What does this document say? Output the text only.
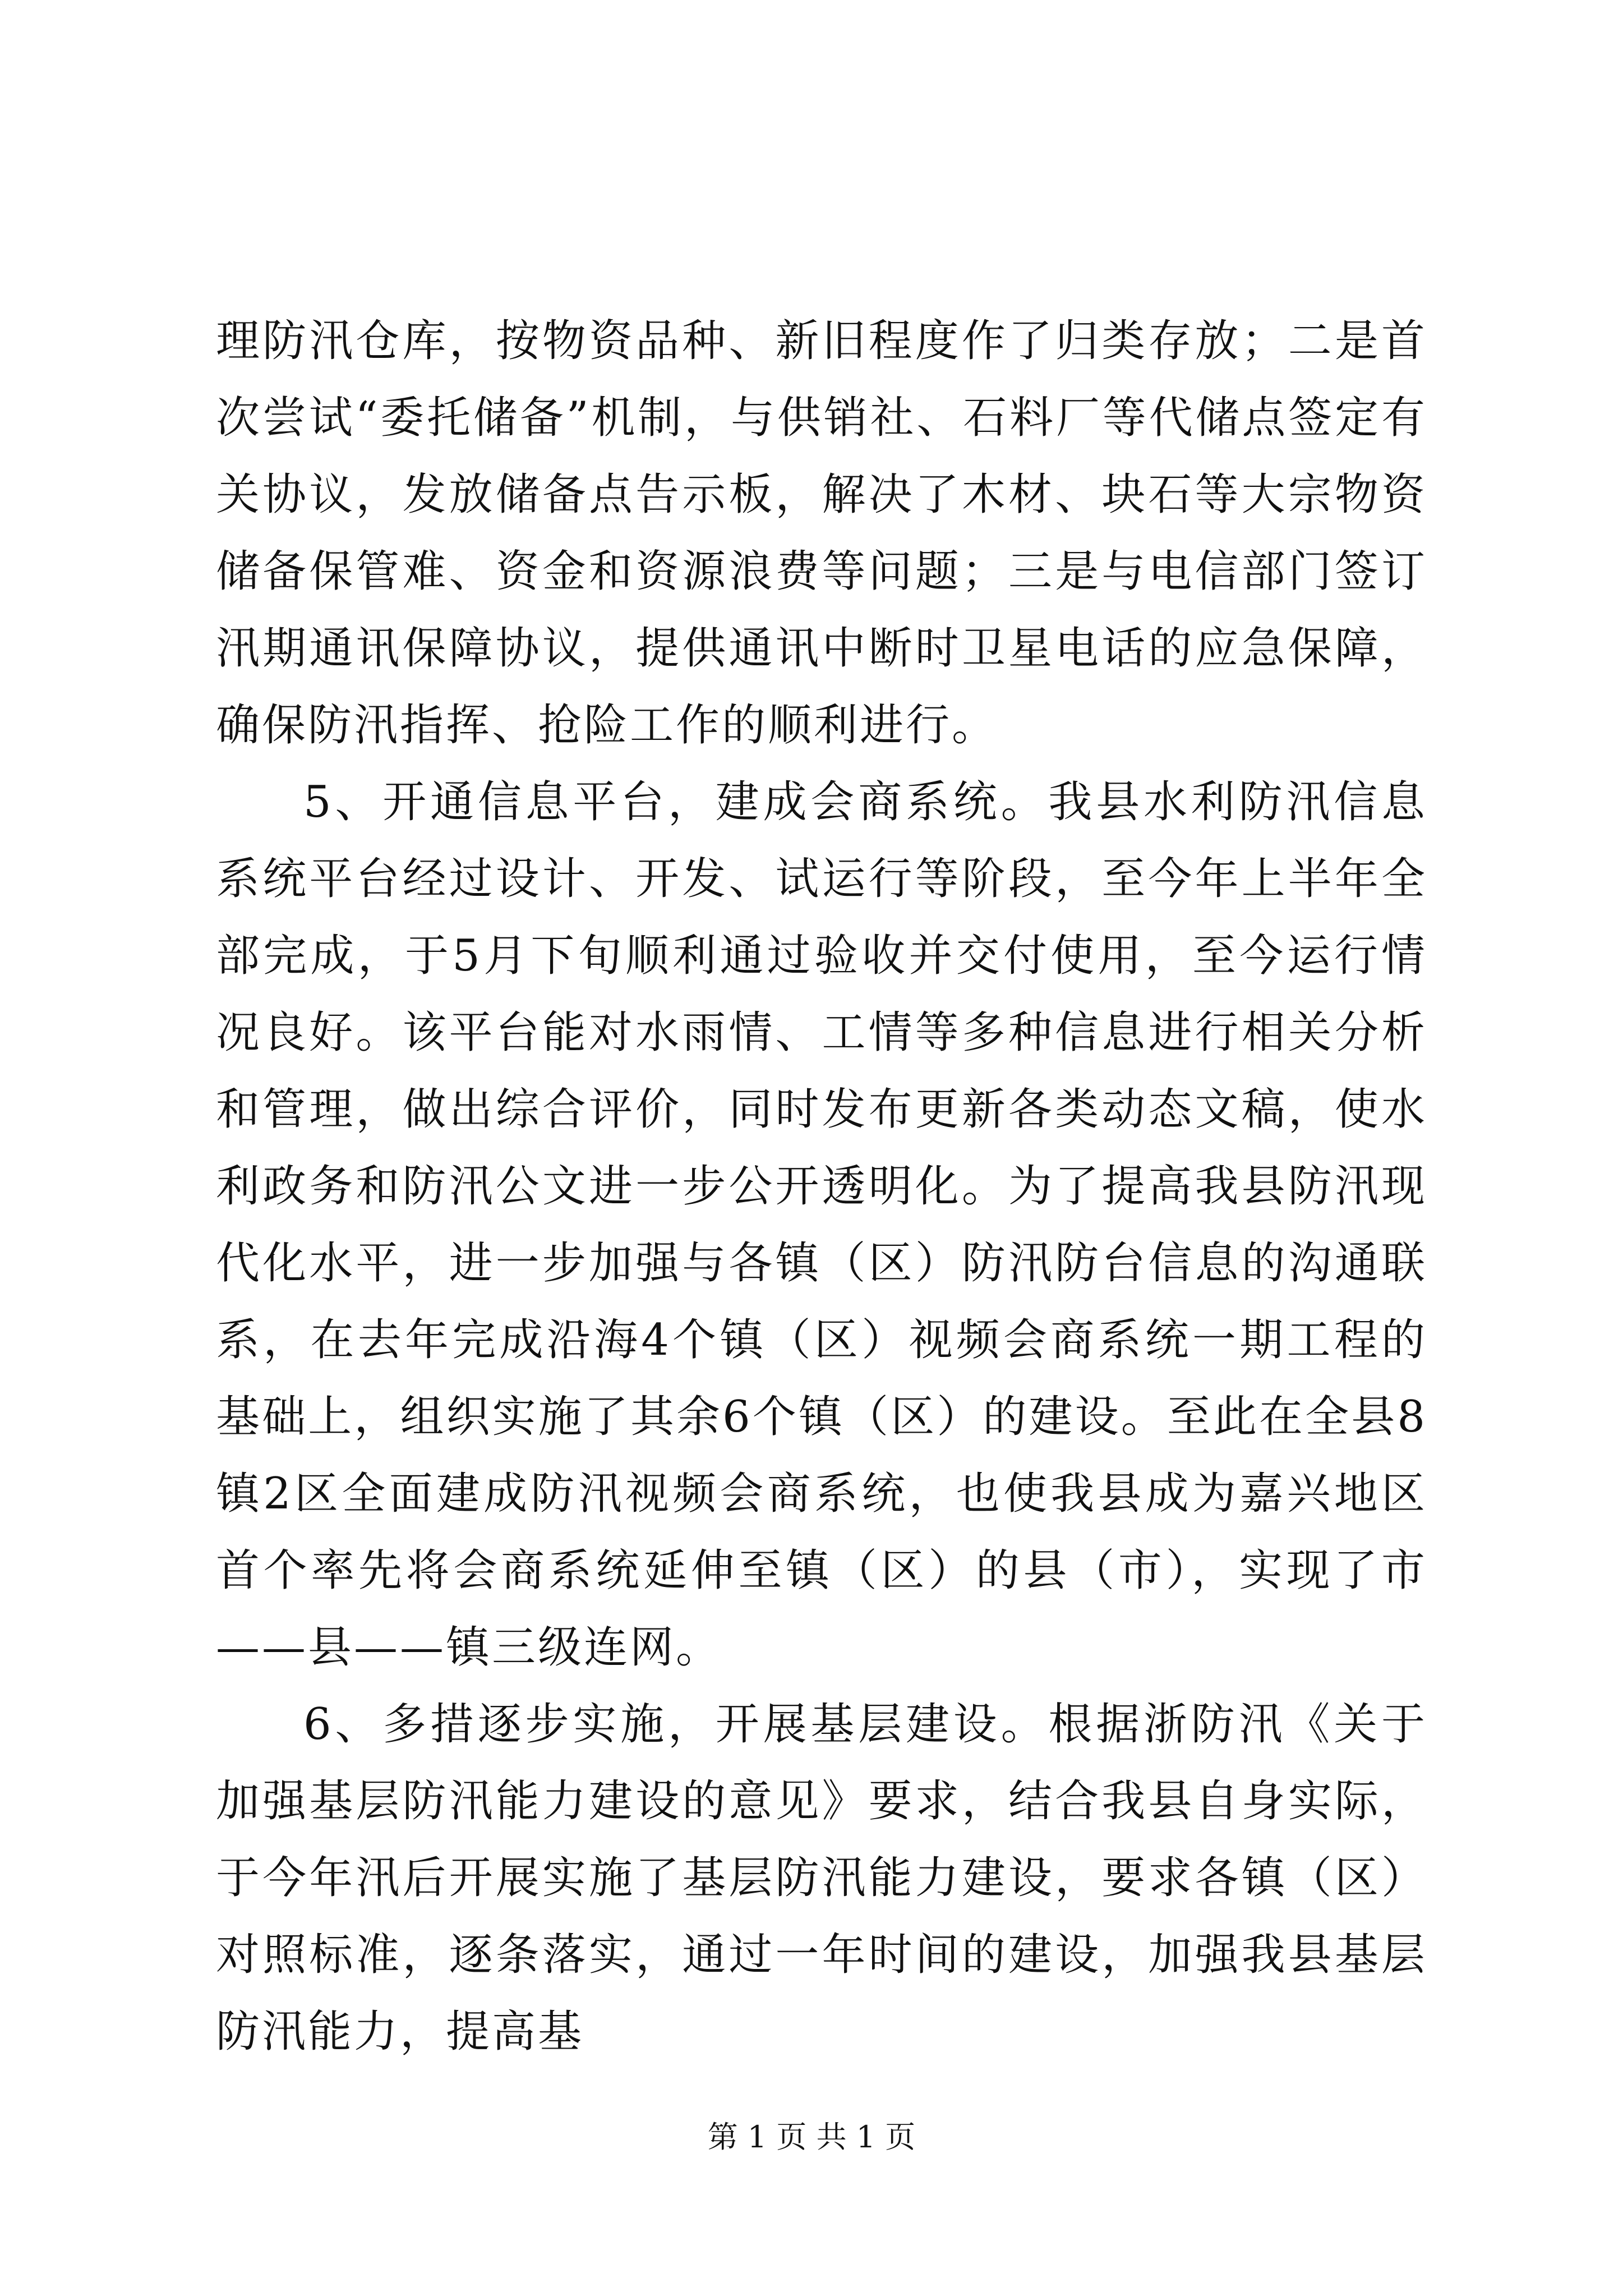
理防汛仓库，按物资品种、新旧程度作了归类存放；二是首次尝试“委托储备”机制，与供销社、石料厂等代储点签定有关协议，发放储备点告示板，解决了木材、块石等大宗物资储备保管难、资金和资源浪费等问题；三是与电信部门签订汛期通讯保障协议，提供通讯中断时卫星电话的应急保障，确保防汛指挥、抢险工作的顺利进行。

5、开通信息平台，建成会商系统。我县水利防汛信息系统平台经过设计、开发、试运行等阶段，至今年上半年全部完成，于5月下旬顺利通过验收并交付使用，至今运行情况良好。该平台能对水雨情、工情等多种信息进行相关分析和管理，做出综合评价，同时发布更新各类动态文稿，使水利政务和防汛公文进一步公开透明化。为了提高我县防汛现代化水平，进一步加强与各镇（区）防汛防台信息的沟通联系，在去年完成沿海4个镇（区）视频会商系统一期工程的基础上，组织实施了其余6个镇（区）的建设。至此在全县8镇2区全面建成防汛视频会商系统，也使我县成为嘉兴地区首个率先将会商系统延伸至镇（区）的县（市），实现了市——县——镇三级连网。

6、多措逐步实施，开展基层建设。根据浙防汛《关于加强基层防汛能力建设的意见》要求，结合我县自身实际，于今年汛后开展实施了基层防汛能力建设，要求各镇（区）对照标准，逐条落实，通过一年时间的建设，加强我县基层防汛能力，提高基

第 1 页 共 1 页
